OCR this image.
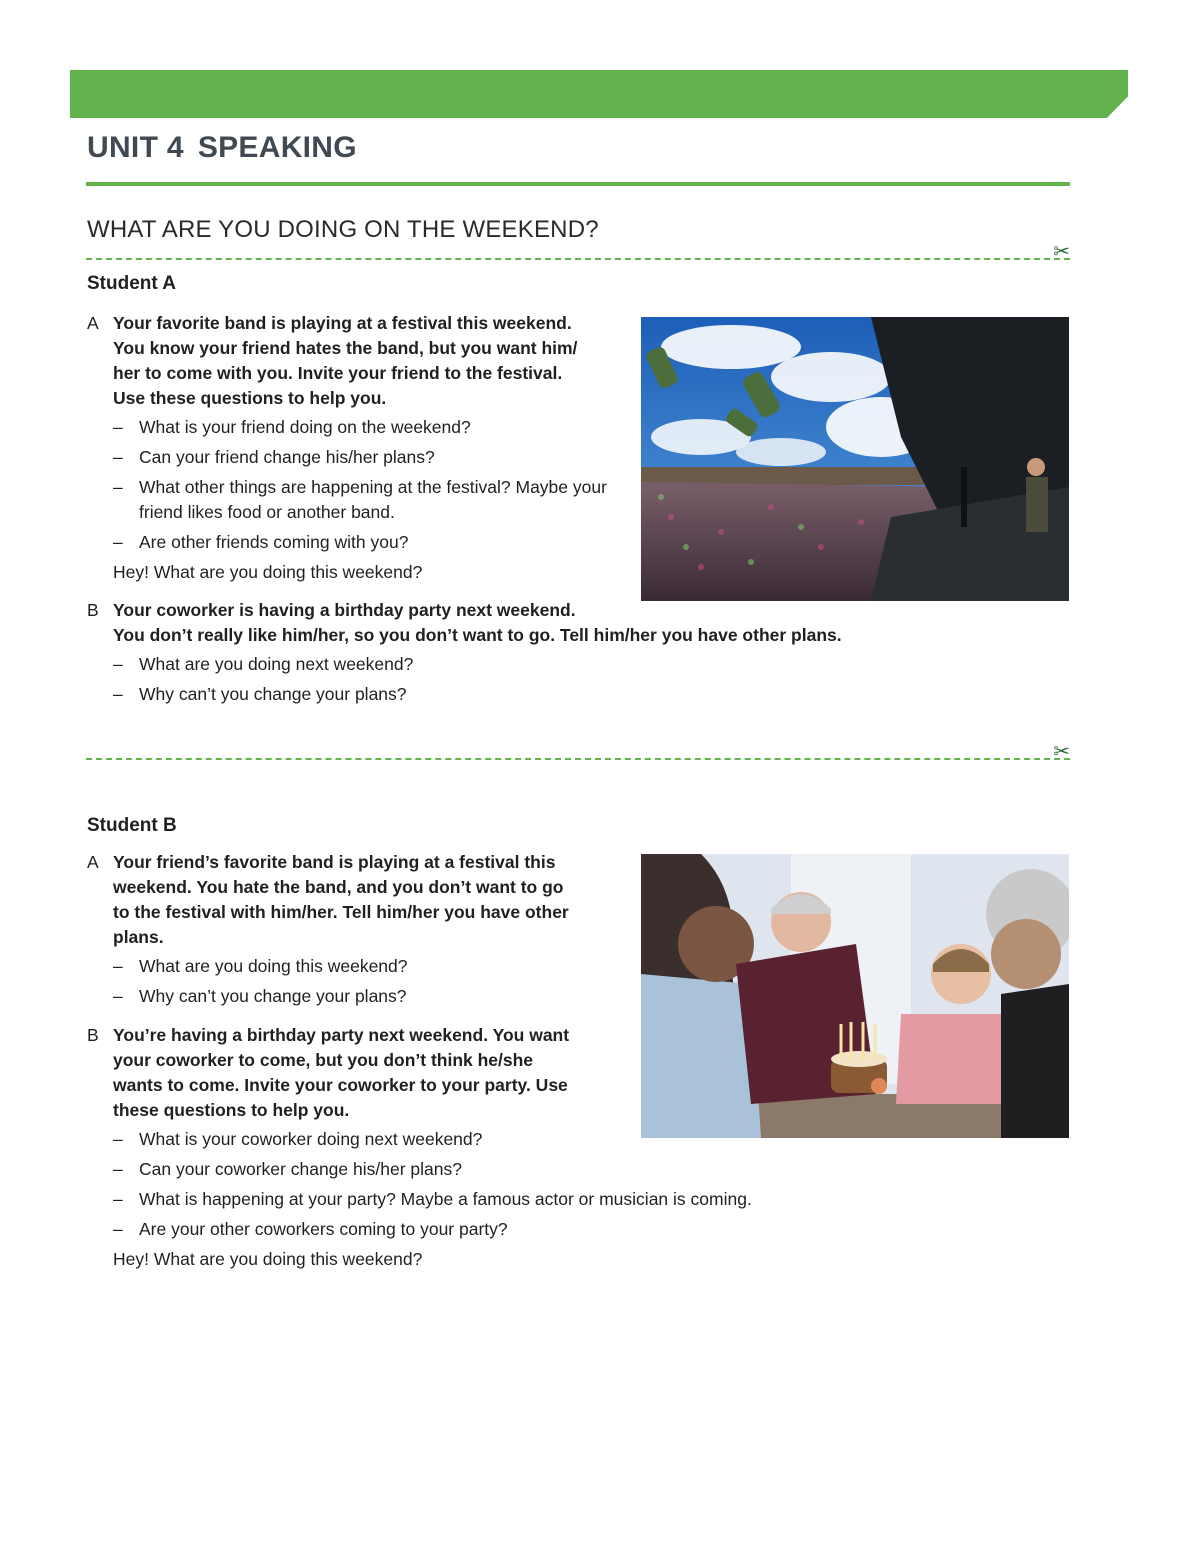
UNIT 4 SPEAKING
WHAT ARE YOU DOING ON THE WEEKEND?
✂
Student A
A Your favorite band is playing at a festival this weekend.
You know your friend hates the band, but you want him/
her to come with you. Invite your friend to the festival.
Use these questions to help you.
– What is your friend doing on the weekend?
– Can your friend change his/her plans?
– What other things are happening at the festival? Maybe your friend likes food or another band.
– Are other friends coming with you?
Hey! What are you doing this weekend?
B Your coworker is having a birthday party next weekend.
You don’t really like him/her, so you don’t want to go. Tell him/her you have other plans.
– What are you doing next weekend?
– Why can’t you change your plans?
✂
Student B
A Your friend’s favorite band is playing at a festival this
weekend. You hate the band, and you don’t want to go
to the festival with him/her. Tell him/her you have other
plans.
– What are you doing this weekend?
– Why can’t you change your plans?
B You’re having a birthday party next weekend. You want
your coworker to come, but you don’t think he/she
wants to come. Invite your coworker to your party. Use
these questions to help you.
– What is your coworker doing next weekend?
– Can your coworker change his/her plans?
– What is happening at your party? Maybe a famous actor or musician is coming.
– Are your other coworkers coming to your party?
Hey! What are you doing this weekend?
